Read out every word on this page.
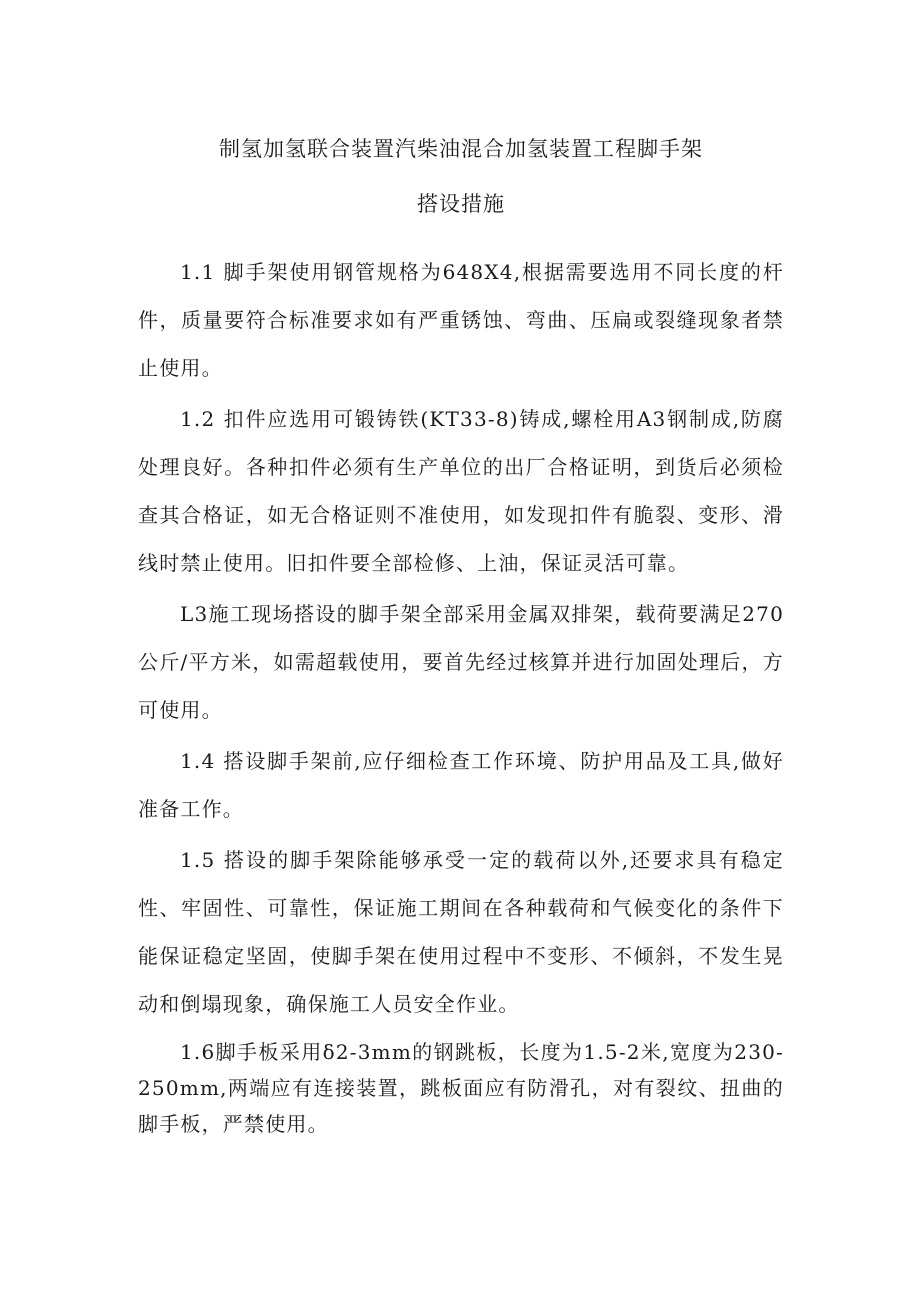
制氢加氢联合装置汽柴油混合加氢装置工程脚手架
搭设措施

1.1 脚手架使用钢管规格为648X4,根据需要选用不同长度的杆件，质量要符合标准要求如有严重锈蚀、弯曲、压扁或裂缝现象者禁止使用。

1.2 扣件应选用可锻铸铁(KT33-8)铸成,螺栓用A3钢制成,防腐处理良好。各种扣件必须有生产单位的出厂合格证明，到货后必须检查其合格证，如无合格证则不准使用，如发现扣件有脆裂、变形、滑线时禁止使用。旧扣件要全部检修、上油，保证灵活可靠。

L3施工现场搭设的脚手架全部采用金属双排架，载荷要满足270公斤/平方米，如需超载使用，要首先经过核算并进行加固处理后，方可使用。

1.4 搭设脚手架前,应仔细检查工作环境、防护用品及工具,做好准备工作。

1.5 搭设的脚手架除能够承受一定的载荷以外,还要求具有稳定性、牢固性、可靠性，保证施工期间在各种载荷和气候变化的条件下能保证稳定坚固，使脚手架在使用过程中不变形、不倾斜，不发生晃动和倒塌现象，确保施工人员安全作业。

1.6脚手板采用δ2-3mm的钢跳板，长度为1.5-2米,宽度为230-250mm,两端应有连接装置，跳板面应有防滑孔，对有裂纹、扭曲的脚手板，严禁使用。
